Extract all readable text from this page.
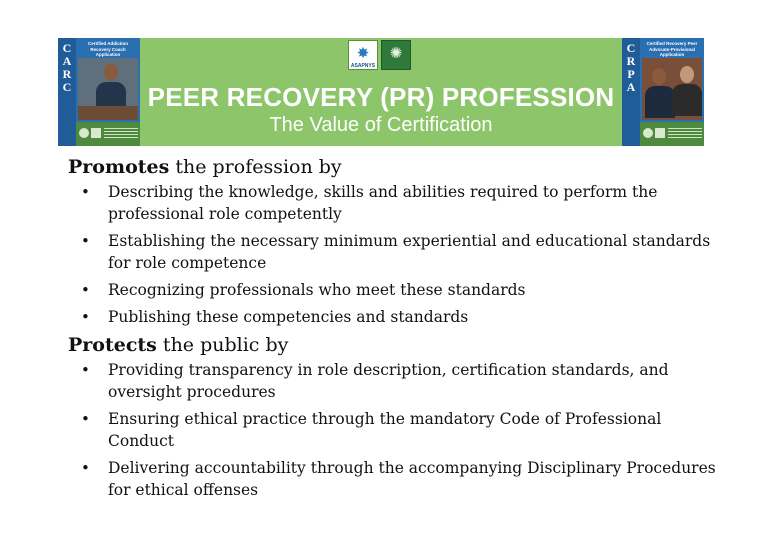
C
A
R
C
Certified Addiction Recovery Coach Application	✸
ASAPNYS
✺
PEER RECOVERY (PR) PROFESSION
The Value of Certification
C
R
P
A
Certified Recovery Peer Advocate-Provisional Application
Promotes the profession by
• Describing the knowledge, skills and abilities required to perform the professional role competently
• Establishing the necessary minimum experiential and educational standards for role competence
• Recognizing professionals who meet these standards
• Publishing these competencies and standards
Protects the public by
• Providing transparency in role description, certification standards, and oversight procedures
• Ensuring ethical practice through the mandatory Code of Professional Conduct
• Delivering accountability through the accompanying Disciplinary Procedures for ethical offenses
